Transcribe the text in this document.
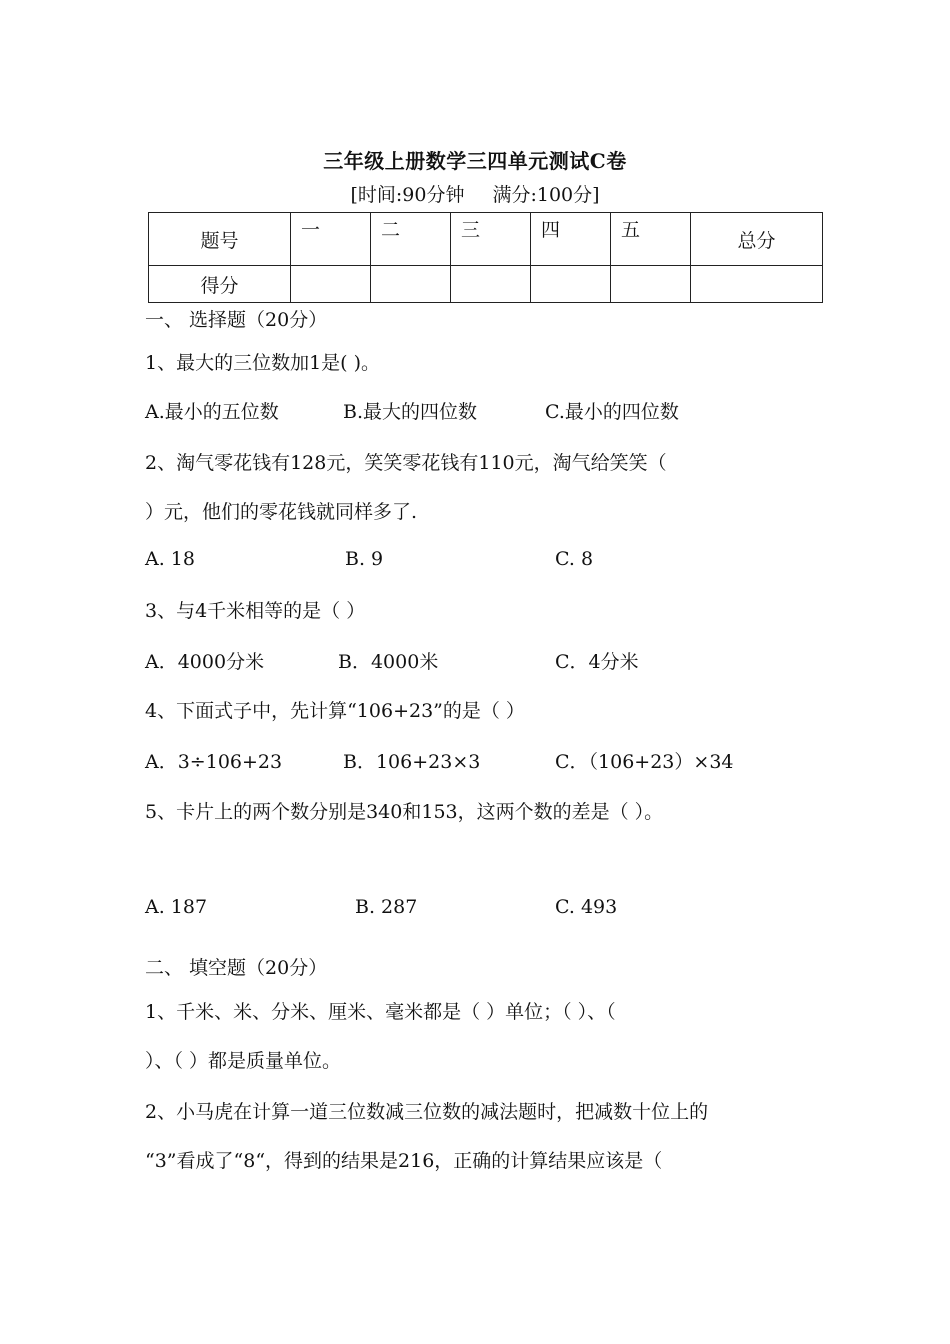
三年级上册数学三四单元测试C卷
[时间:90分钟 满分:100分]
题号	一	二	三	四	五	总分
得分						
一、 选择题（20分）
1、最大的三位数加1是( )。
A.最小的五位数	B.最大的四位数	C.最小的四位数
2、淘气零花钱有128元，笑笑零花钱有110元，淘气给笑笑（
）元，他们的零花钱就同样多了.
A. 18	B. 9	C. 8
3、与4千米相等的是（ ）
A．4000分米	B．4000米	C．4分米
4、下面式子中，先计算“106+23”的是（ ）
A．3÷106+23	B．106+23×3	C．（106+23）×34
5、卡片上的两个数分别是340和153，这两个数的差是（ ）。
A. 187	B. 287	C. 493
二、 填空题（20分）
1、千米、米、分米、厘米、毫米都是（ ）单位；（ ）、（
）、（ ）都是质量单位。
2、小马虎在计算一道三位数减三位数的减法题时，把减数十位上的
“3”看成了“8“，得到的结果是216，正确的计算结果应该是（
